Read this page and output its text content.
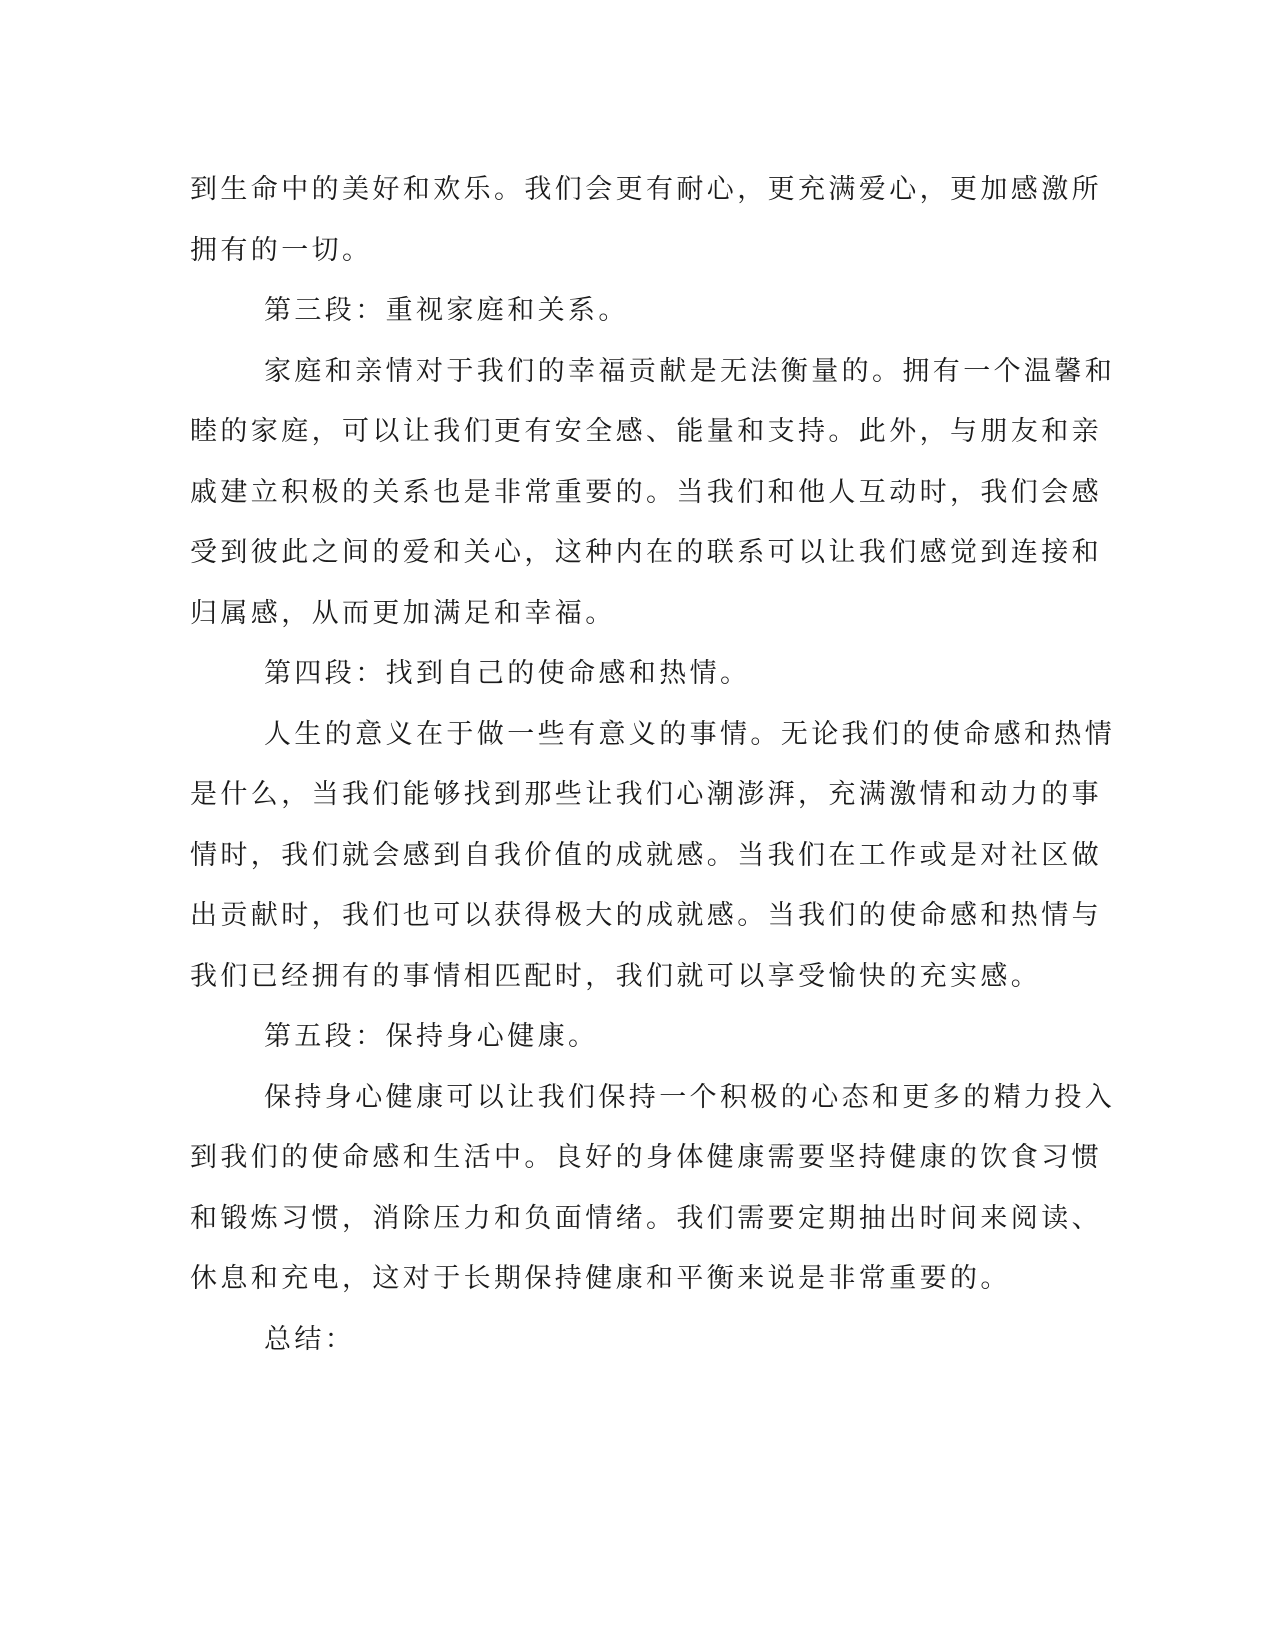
到生命中的美好和欢乐。我们会更有耐心，更充满爱心，更加感激所
拥有的一切。
第三段：重视家庭和关系。
家庭和亲情对于我们的幸福贡献是无法衡量的。拥有一个温馨和
睦的家庭，可以让我们更有安全感、能量和支持。此外，与朋友和亲
戚建立积极的关系也是非常重要的。当我们和他人互动时，我们会感
受到彼此之间的爱和关心，这种内在的联系可以让我们感觉到连接和
归属感，从而更加满足和幸福。
第四段：找到自己的使命感和热情。
人生的意义在于做一些有意义的事情。无论我们的使命感和热情
是什么，当我们能够找到那些让我们心潮澎湃，充满激情和动力的事
情时，我们就会感到自我价值的成就感。当我们在工作或是对社区做
出贡献时，我们也可以获得极大的成就感。当我们的使命感和热情与
我们已经拥有的事情相匹配时，我们就可以享受愉快的充实感。
第五段：保持身心健康。
保持身心健康可以让我们保持一个积极的心态和更多的精力投入
到我们的使命感和生活中。良好的身体健康需要坚持健康的饮食习惯
和锻炼习惯，消除压力和负面情绪。我们需要定期抽出时间来阅读、
休息和充电，这对于长期保持健康和平衡来说是非常重要的。
总结：
